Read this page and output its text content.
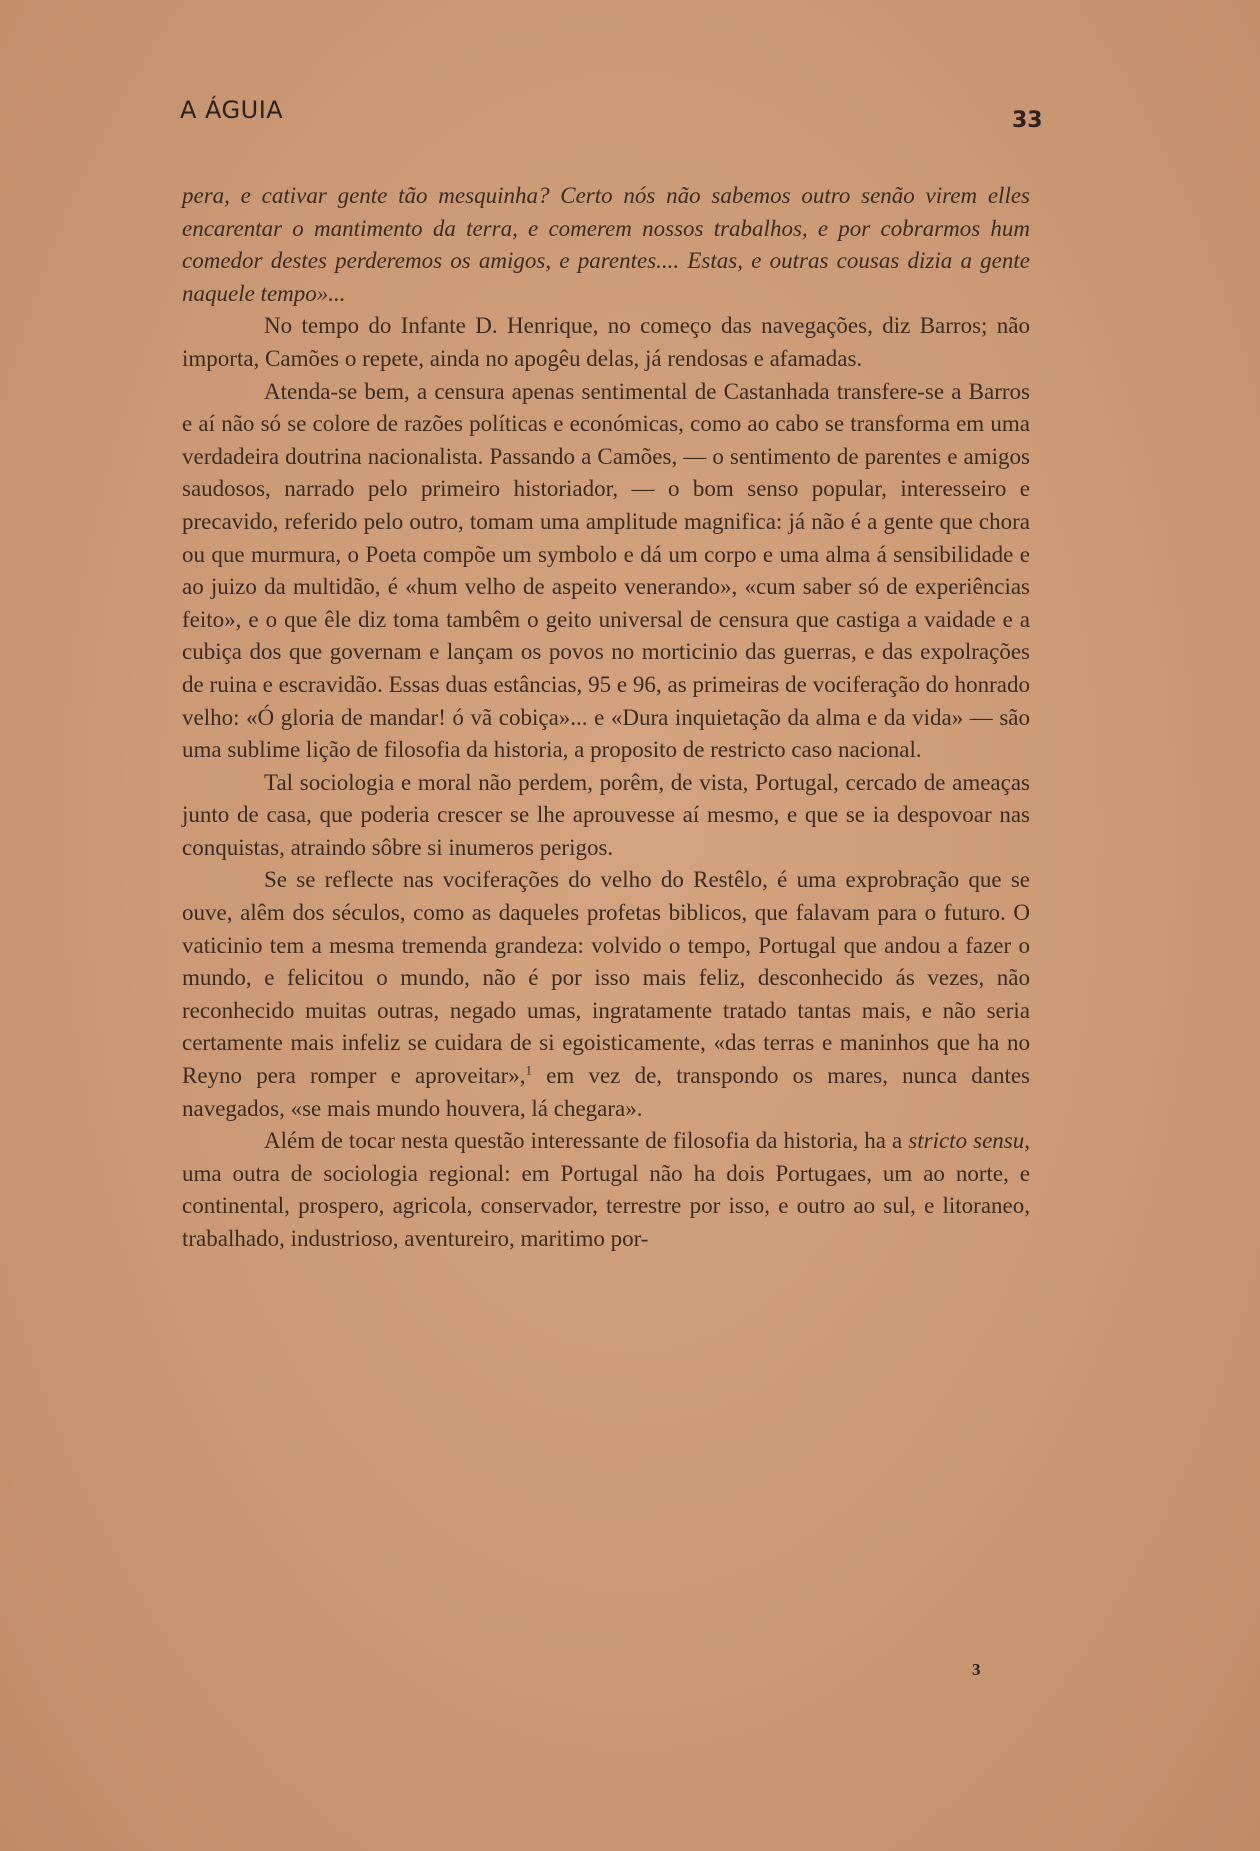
A ÁGUIA	33

pera, e cativar gente tão mesquinha? Certo nós não sabemos outro senão virem elles encarentar o mantimento da terra, e comerem nossos trabalhos, e por cobrarmos hum comedor destes perderemos os amigos, e parentes.... Estas, e outras cousas dizia a gente naquele tempo»...

No tempo do Infante D. Henrique, no começo das navegações, diz Barros; não importa, Camões o repete, ainda no apogêu delas, já rendosas e afamadas.

Atenda-se bem, a censura apenas sentimental de Castanhada transfere-se a Barros e aí não só se colore de razões políticas e económicas, como ao cabo se transforma em uma verdadeira doutrina nacionalista. Passando a Camões, — o sentimento de parentes e amigos saudosos, narrado pelo primeiro historiador, — o bom senso popular, interesseiro e precavido, referido pelo outro, tomam uma amplitude magnifica: já não é a gente que chora ou que murmura, o Poeta compõe um symbolo e dá um corpo e uma alma á sensibilidade e ao juizo da multidão, é «hum velho de aspeito venerando», «cum saber só de experiências feito», e o que êle diz toma tambêm o geito universal de censura que castiga a vaidade e a cubiça dos que governam e lançam os povos no morticinio das guerras, e das expolrações de ruina e escravidão. Essas duas estâncias, 95 e 96, as primeiras de vociferação do honrado velho: «Ó gloria de mandar! ó vã cobiça»... e «Dura inquietação da alma e da vida» — são uma sublime lição de filosofia da historia, a proposito de restricto caso nacional.

Tal sociologia e moral não perdem, porêm, de vista, Portugal, cercado de ameaças junto de casa, que poderia crescer se lhe aprouvesse aí mesmo, e que se ia despovoar nas conquistas, atraindo sôbre si inumeros perigos.

Se se reflecte nas vociferações do velho do Restêlo, é uma exprobração que se ouve, alêm dos séculos, como as daqueles profetas biblicos, que falavam para o futuro. O vaticinio tem a mesma tremenda grandeza: volvido o tempo, Portugal que andou a fazer o mundo, e felicitou o mundo, não é por isso mais feliz, desconhecido ás vezes, não reconhecido muitas outras, negado umas, ingratamente tratado tantas mais, e não seria certamente mais infeliz se cuidara de si egoisticamente, «das terras e maninhos que ha no Reyno pera romper e aproveitar»,$^1$ em vez de, transpondo os mares, nunca dantes navegados, «se mais mundo houvera, lá chegara».

Além de tocar nesta questão interessante de filosofia da historia, ha a stricto sensu, uma outra de sociologia regional: em Portugal não ha dois Portugaes, um ao norte, e continental, prospero, agricola, conservador, terrestre por isso, e outro ao sul, e litoraneo, trabalhado, industrioso, aventureiro, maritimo por-

3
